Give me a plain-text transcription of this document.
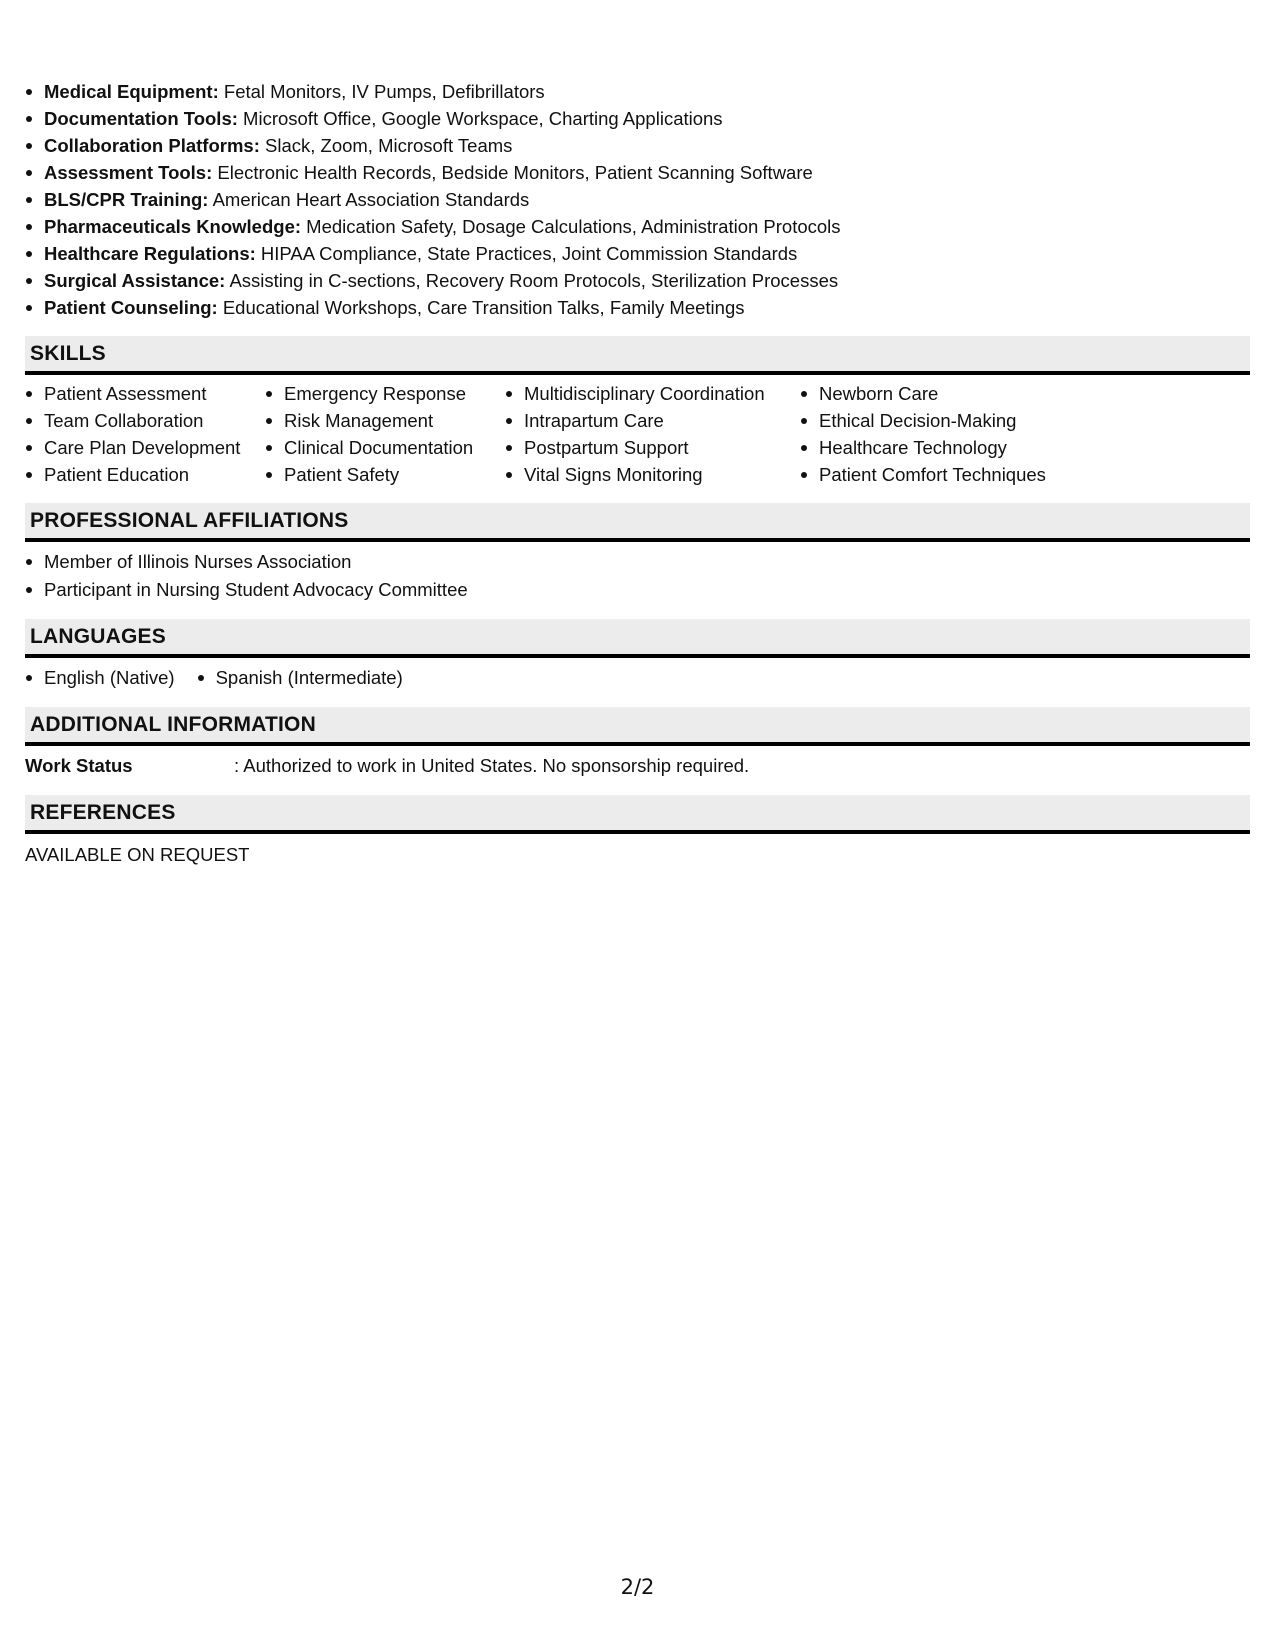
Medical Equipment: Fetal Monitors, IV Pumps, Defibrillators
Documentation Tools: Microsoft Office, Google Workspace, Charting Applications
Collaboration Platforms: Slack, Zoom, Microsoft Teams
Assessment Tools: Electronic Health Records, Bedside Monitors, Patient Scanning Software
BLS/CPR Training: American Heart Association Standards
Pharmaceuticals Knowledge: Medication Safety, Dosage Calculations, Administration Protocols
Healthcare Regulations: HIPAA Compliance, State Practices, Joint Commission Standards
Surgical Assistance: Assisting in C-sections, Recovery Room Protocols, Sterilization Processes
Patient Counseling: Educational Workshops, Care Transition Talks, Family Meetings
SKILLS
Patient Assessment
Team Collaboration
Care Plan Development
Patient Education
Emergency Response
Risk Management
Clinical Documentation
Patient Safety
Multidisciplinary Coordination
Intrapartum Care
Postpartum Support
Vital Signs Monitoring
Newborn Care
Ethical Decision-Making
Healthcare Technology
Patient Comfort Techniques
PROFESSIONAL AFFILIATIONS
Member of Illinois Nurses Association
Participant in Nursing Student Advocacy Committee
LANGUAGES
English (Native)	Spanish (Intermediate)
ADDITIONAL INFORMATION
Work Status	: Authorized to work in United States. No sponsorship required.
REFERENCES
AVAILABLE ON REQUEST
2/2
